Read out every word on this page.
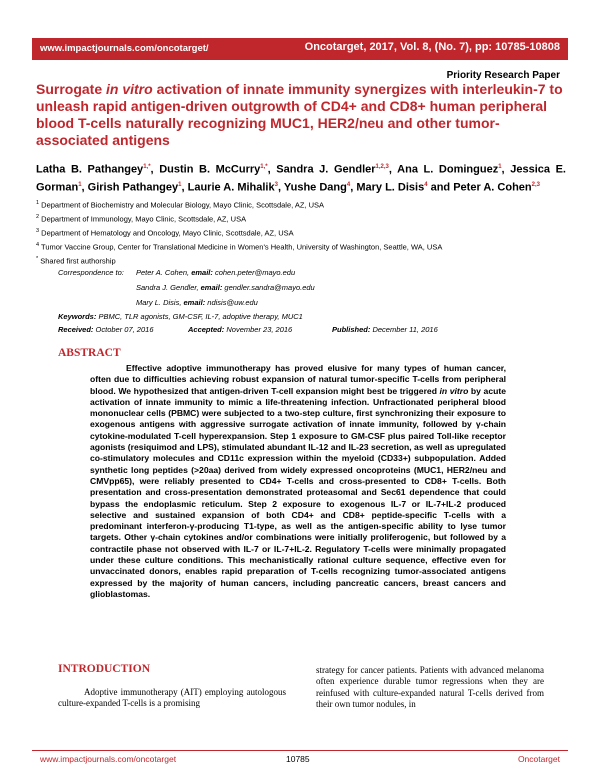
www.impactjournals.com/oncotarget/	Oncotarget, 2017, Vol. 8, (No. 7), pp: 10785-10808
Priority Research Paper
Surrogate in vitro activation of innate immunity synergizes with interleukin-7 to unleash rapid antigen-driven outgrowth of CD4+ and CD8+ human peripheral blood T-cells naturally recognizing MUC1, HER2/neu and other tumor-associated antigens
Latha B. Pathangey$^{1,*}$, Dustin B. McCurry$^{1,*}$, Sandra J. Gendler$^{1,2,3}$, Ana L. Dominguez$^1$, Jessica E. Gorman$^1$, Girish Pathangey$^1$, Laurie A. Mihalik$^3$, Yushe Dang$^4$, Mary L. Disis$^4$ and Peter A. Cohen$^{2,3}$
$^1$ Department of Biochemistry and Molecular Biology, Mayo Clinic, Scottsdale, AZ, USA
$^2$ Department of Immunology, Mayo Clinic, Scottsdale, AZ, USA
$^3$ Department of Hematology and Oncology, Mayo Clinic, Scottsdale, AZ, USA
$^4$ Tumor Vaccine Group, Center for Translational Medicine in Women's Health, University of Washington, Seattle, WA, USA
* Shared first authorship
Correspondence to: Peter A. Cohen, email: cohen.peter@mayo.edu
Sandra J. Gendler, email: gendler.sandra@mayo.edu
Mary L. Disis, email: ndisis@uw.edu
Keywords: PBMC, TLR agonists, GM-CSF, IL-7, adoptive therapy, MUC1
Received: October 07, 2016	Accepted: November 23, 2016	Published: December 11, 2016
ABSTRACT

Effective adoptive immunotherapy has proved elusive for many types of human cancer, often due to difficulties achieving robust expansion of natural tumor-specific T-cells from peripheral blood. We hypothesized that antigen-driven T-cell expansion might best be triggered in vitro by acute activation of innate immunity to mimic a life-threatening infection. Unfractionated peripheral blood mononuclear cells (PBMC) were subjected to a two-step culture, first synchronizing their exposure to exogenous antigens with aggressive surrogate activation of innate immunity, followed by γ-chain cytokine-modulated T-cell hyperexpansion. Step 1 exposure to GM-CSF plus paired Toll-like receptor agonists (resiquimod and LPS), stimulated abundant IL-12 and IL-23 secretion, as well as upregulated co-stimulatory molecules and CD11c expression within the myeloid (CD33+) subpopulation. Added synthetic long peptides (>20aa) derived from widely expressed oncoproteins (MUC1, HER2/neu and CMVpp65), were reliably presented to CD4+ T-cells and cross-presented to CD8+ T-cells. Both presentation and cross-presentation demonstrated proteasomal and Sec61 dependence that could bypass the endoplasmic reticulum. Step 2 exposure to exogenous IL-7 or IL-7+IL-2 produced selective and sustained expansion of both CD4+ and CD8+ peptide-specific T-cells with a predominant interferon-γ-producing T1-type, as well as the antigen-specific ability to lyse tumor targets. Other γ-chain cytokines and/or combinations were initially proliferogenic, but followed by a contractile phase not observed with IL-7 or IL-7+IL-2. Regulatory T-cells were minimally propagated under these culture conditions. This mechanistically rational culture sequence, effective even for unvaccinated donors, enables rapid preparation of T-cells recognizing tumor-associated antigens expressed by the majority of human cancers, including pancreatic cancers, breast cancers and glioblastomas.

INTRODUCTION

Adoptive immunotherapy (AIT) employing autologous culture-expanded T-cells is a promising

strategy for cancer patients. Patients with advanced melanoma often experience durable tumor regressions when they are reinfused with culture-expanded natural T-cells derived from their own tumor nodules, in

www.impactjournals.com/oncotarget	10785	Oncotarget
